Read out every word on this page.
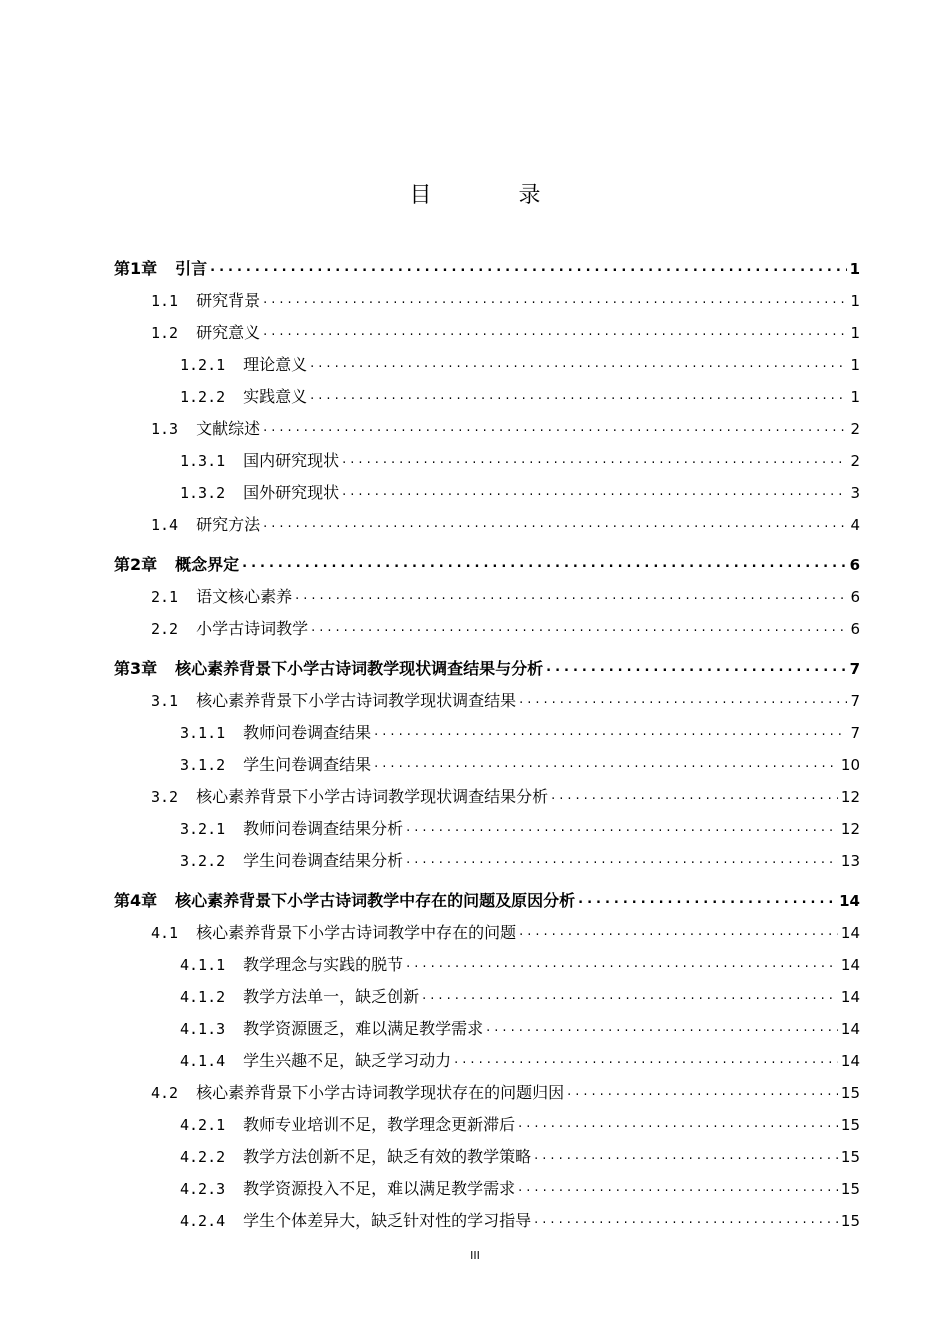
目 录
第1章	引言 .....	1
1.1	研究背景 .....	1
1.2	研究意义 .....	1
1.2.1	理论意义 .....	1
1.2.2	实践意义 .....	1
1.3	文献综述 .....	2
1.3.1	国内研究现状 .....	2
1.3.2	国外研究现状 .....	3
1.4	研究方法 .....	4
第2章	概念界定 .....	6
2.1	语文核心素养 .....	6
2.2	小学古诗词教学 .....	6
第3章	核心素养背景下小学古诗词教学现状调查结果与分析 .....	7
3.1	核心素养背景下小学古诗词教学现状调查结果 .....	7
3.1.1	教师问卷调查结果 .....	7
3.1.2	学生问卷调查结果 .....	10
3.2	核心素养背景下小学古诗词教学现状调查结果分析 .....	12
3.2.1	教师问卷调查结果分析 .....	12
3.2.2	学生问卷调查结果分析 .....	13
第4章	核心素养背景下小学古诗词教学中存在的问题及原因分析 .....	14
4.1	核心素养背景下小学古诗词教学中存在的问题 .....	14
4.1.1	教学理念与实践的脱节 .....	14
4.1.2	教学方法单一，缺乏创新 .....	14
4.1.3	教学资源匮乏，难以满足教学需求 .....	14
4.1.4	学生兴趣不足，缺乏学习动力 .....	14
4.2	核心素养背景下小学古诗词教学现状存在的问题归因 .....	15
4.2.1	教师专业培训不足，教学理念更新滞后 .....	15
4.2.2	教学方法创新不足，缺乏有效的教学策略 .....	15
4.2.3	教学资源投入不足，难以满足教学需求 .....	15
4.2.4	学生个体差异大，缺乏针对性的学习指导 .....	15
III
